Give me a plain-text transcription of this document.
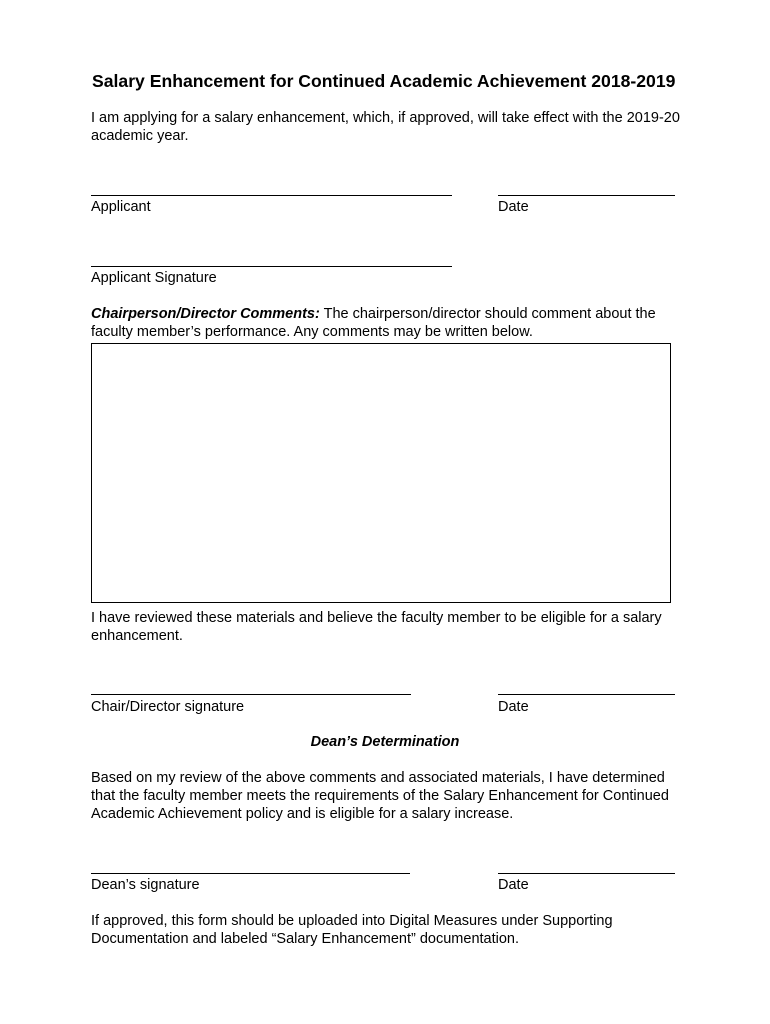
Salary Enhancement for Continued Academic Achievement 2018-2019
I am applying for a salary enhancement, which, if approved, will take effect with the 2019-20 academic year.
Applicant	Date
Applicant Signature
Chairperson/Director Comments: The chairperson/director should comment about the faculty member’s performance. Any comments may be written below.
I have reviewed these materials and believe the faculty member to be eligible for a salary enhancement.
Chair/Director signature	Date
Dean’s Determination
Based on my review of the above comments and associated materials, I have determined that the faculty member meets the requirements of the Salary Enhancement for Continued Academic Achievement policy and is eligible for a salary increase.
Dean’s signature	Date
If approved, this form should be uploaded into Digital Measures under Supporting Documentation and labeled “Salary Enhancement” documentation.
